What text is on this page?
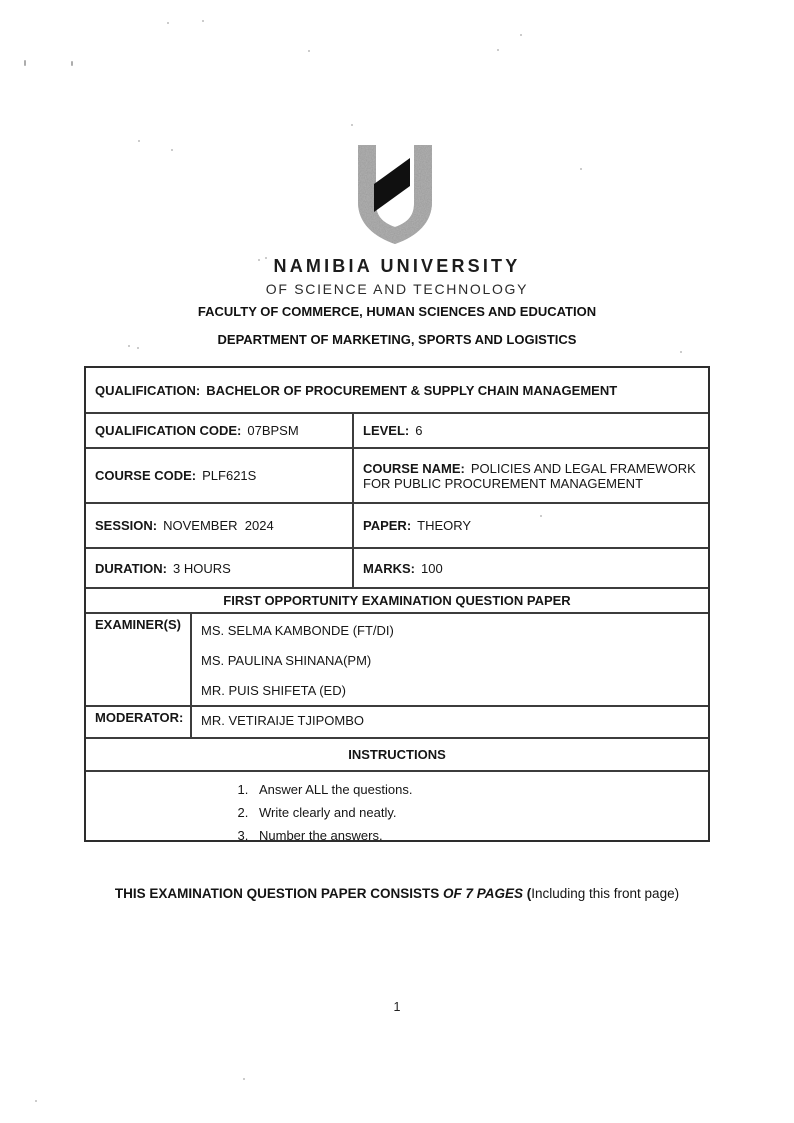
NAMIBIA UNIVERSITY
OF SCIENCE AND TECHNOLOGY
FACULTY OF COMMERCE, HUMAN SCIENCES AND EDUCATION
DEPARTMENT OF MARKETING, SPORTS AND LOGISTICS
QUALIFICATION: BACHELOR OF PROCUREMENT & SUPPLY CHAIN MANAGEMENT
QUALIFICATION CODE: 07BPSM	LEVEL: 6
COURSE CODE: PLF621S	COURSE NAME: POLICIES AND LEGAL FRAMEWORK FOR PUBLIC PROCUREMENT MANAGEMENT
SESSION: NOVEMBER  2024	PAPER: THEORY
DURATION: 3 HOURS	MARKS: 100
FIRST OPPORTUNITY EXAMINATION QUESTION PAPER
EXAMINER(S) MS. SELMA KAMBONDE (FT/DI)
MS. PAULINA SHINANA(PM)
MR. PUIS SHIFETA (ED)
MODERATOR: MR. VETIRAIJE TJIPOMBO
INSTRUCTIONS
1. Answer ALL the questions.
2. Write clearly and neatly.
3. Number the answers.
THIS EXAMINATION QUESTION PAPER CONSISTS OF 7 PAGES (Including this front page)
1
